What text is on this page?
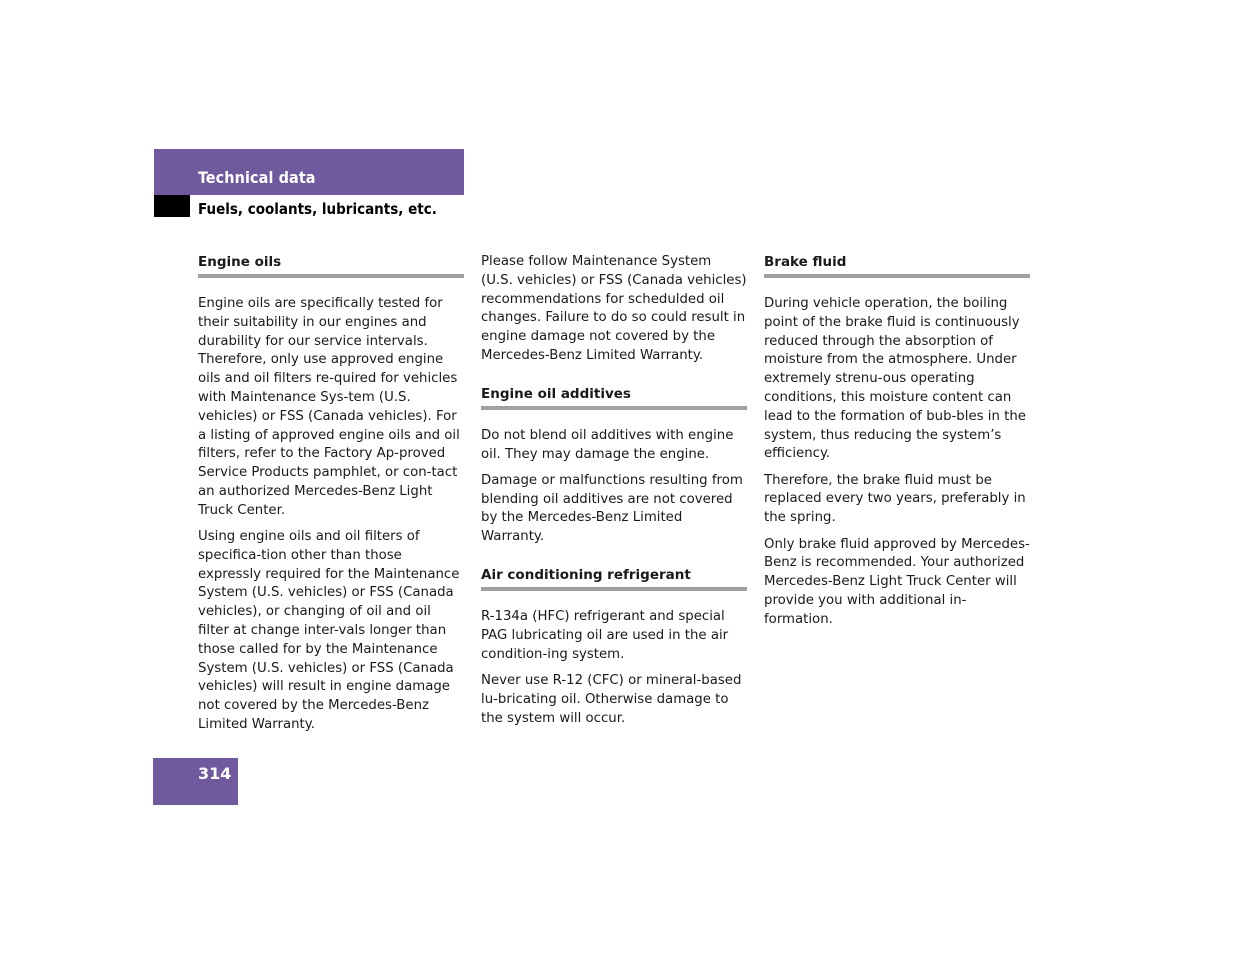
Technical data
Fuels, coolants, lubricants, etc.
Engine oils

Engine oils are specifically tested for their suitability in our engines and durability for our service intervals. Therefore, only use approved engine oils and oil filters re-quired for vehicles with Maintenance Sys-tem (U.S. vehicles) or FSS (Canada vehicles). For a listing of approved engine oils and oil filters, refer to the Factory Ap-proved Service Products pamphlet, or con-tact an authorized Mercedes-Benz Light Truck Center.

Using engine oils and oil filters of specifica-tion other than those expressly required for the Maintenance System (U.S. vehicles) or FSS (Canada vehicles), or changing of oil and oil filter at change inter-vals longer than those called for by the Maintenance System (U.S. vehicles) or FSS (Canada vehicles) will result in engine damage not covered by the Mercedes-Benz Limited Warranty.

Please follow Maintenance System (U.S. vehicles) or FSS (Canada vehicles) recommendations for schedulded oil changes. Failure to do so could result in engine damage not covered by the Mercedes-Benz Limited Warranty.

Engine oil additives

Do not blend oil additives with engine oil. They may damage the engine.

Damage or malfunctions resulting from blending oil additives are not covered by the Mercedes-Benz Limited Warranty.

Air conditioning refrigerant

R-134a (HFC) refrigerant and special PAG lubricating oil are used in the air condition-ing system.

Never use R-12 (CFC) or mineral-based lu-bricating oil. Otherwise damage to the system will occur.

Brake fluid

During vehicle operation, the boiling point of the brake fluid is continuously reduced through the absorption of moisture from the atmosphere. Under extremely strenu-ous operating conditions, this moisture content can lead to the formation of bub-bles in the system, thus reducing the system’s efficiency.

Therefore, the brake fluid must be replaced every two years, preferably in the spring.

Only brake fluid approved by Mercedes-Benz is recommended. Your authorized Mercedes-Benz Light Truck Center will provide you with additional in-formation.

314
